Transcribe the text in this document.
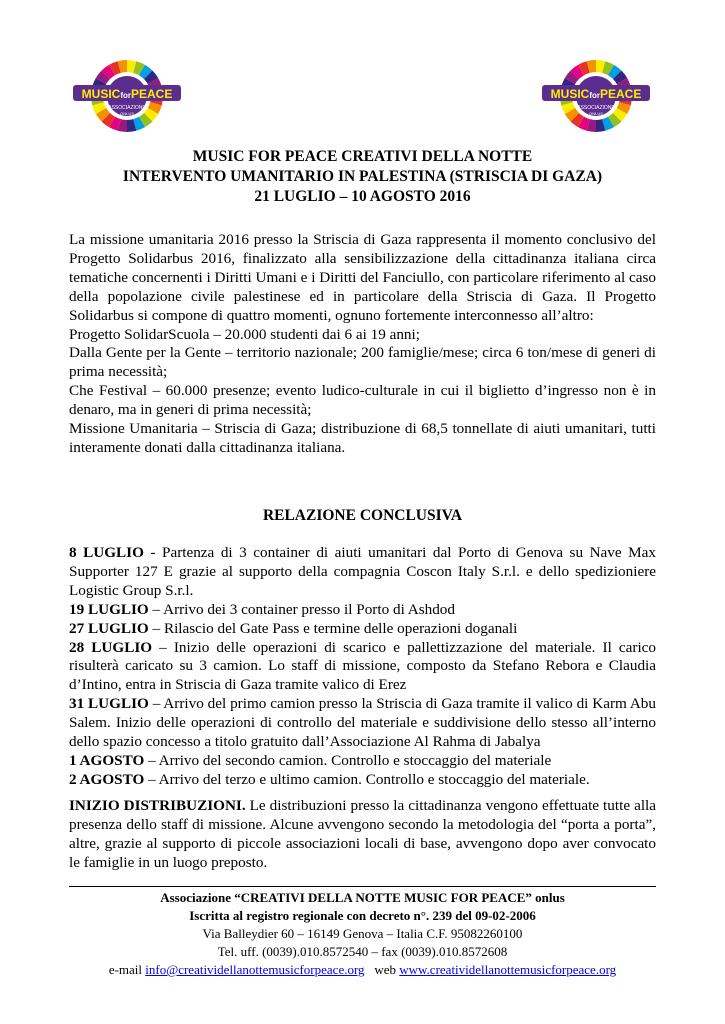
MUSICforPEACE
ASSOCIAZIONE
ONLUS
MUSICforPEACE
ASSOCIAZIONE
ONLUS
MUSIC FOR PEACE CREATIVI DELLA NOTTE
INTERVENTO UMANITARIO IN PALESTINA (STRISCIA DI GAZA)
21 LUGLIO – 10 AGOSTO 2016

La missione umanitaria 2016 presso la Striscia di Gaza rappresenta il momento conclusivo del Progetto Solidarbus 2016, finalizzato alla sensibilizzazione della cittadinanza italiana circa tematiche concernenti i Diritti Umani e i Diritti del Fanciullo, con particolare riferimento al caso della popolazione civile palestinese ed in particolare della Striscia di Gaza. Il Progetto Solidarbus si compone di quattro momenti, ognuno fortemente interconnesso all’altro:

Progetto SolidarScuola – 20.000 studenti dai 6 ai 19 anni;

Dalla Gente per la Gente – territorio nazionale; 200 famiglie/mese; circa 6 ton/mese di generi di prima necessità;

Che Festival – 60.000 presenze; evento ludico-culturale in cui il biglietto d’ingresso non è in denaro, ma in generi di prima necessità;

Missione Umanitaria – Striscia di Gaza; distribuzione di 68,5 tonnellate di aiuti umanitari, tutti interamente donati dalla cittadinanza italiana.

RELAZIONE CONCLUSIVA

8 LUGLIO - Partenza di 3 container di aiuti umanitari dal Porto di Genova su Nave Max Supporter 127 E grazie al supporto della compagnia Coscon Italy S.r.l. e dello spedizioniere Logistic Group S.r.l.

19 LUGLIO – Arrivo dei 3 container presso il Porto di Ashdod

27 LUGLIO – Rilascio del Gate Pass e termine delle operazioni doganali

28 LUGLIO – Inizio delle operazioni di scarico e pallettizzazione del materiale. Il carico risulterà caricato su 3 camion. Lo staff di missione, composto da Stefano Rebora e Claudia d’Intino, entra in Striscia di Gaza tramite valico di Erez

31 LUGLIO – Arrivo del primo camion presso la Striscia di Gaza tramite il valico di Karm Abu Salem. Inizio delle operazioni di controllo del materiale e suddivisione dello stesso all’interno dello spazio concesso a titolo gratuito dall’Associazione Al Rahma di Jabalya

1 AGOSTO – Arrivo del secondo camion. Controllo e stoccaggio del materiale

2 AGOSTO – Arrivo del terzo e ultimo camion. Controllo e stoccaggio del materiale.

INIZIO DISTRIBUZIONI. Le distribuzioni presso la cittadinanza vengono effettuate tutte alla presenza dello staff di missione. Alcune avvengono secondo la metodologia del “porta a porta”, altre, grazie al supporto di piccole associazioni locali di base, avvengono dopo aver convocato le famiglie in un luogo preposto.

Associazione “CREATIVI DELLA NOTTE MUSIC FOR PEACE” onlus
Iscritta al registro regionale con decreto n°. 239 del 09-02-2006
Via Balleydier 60 – 16149 Genova – Italia C.F. 95082260100
Tel. uff. (0039).010.8572540 – fax (0039).010.8572608
e-mail info@creatividellanottemusicforpeace.org web www.creatividellanottemusicforpeace.org
